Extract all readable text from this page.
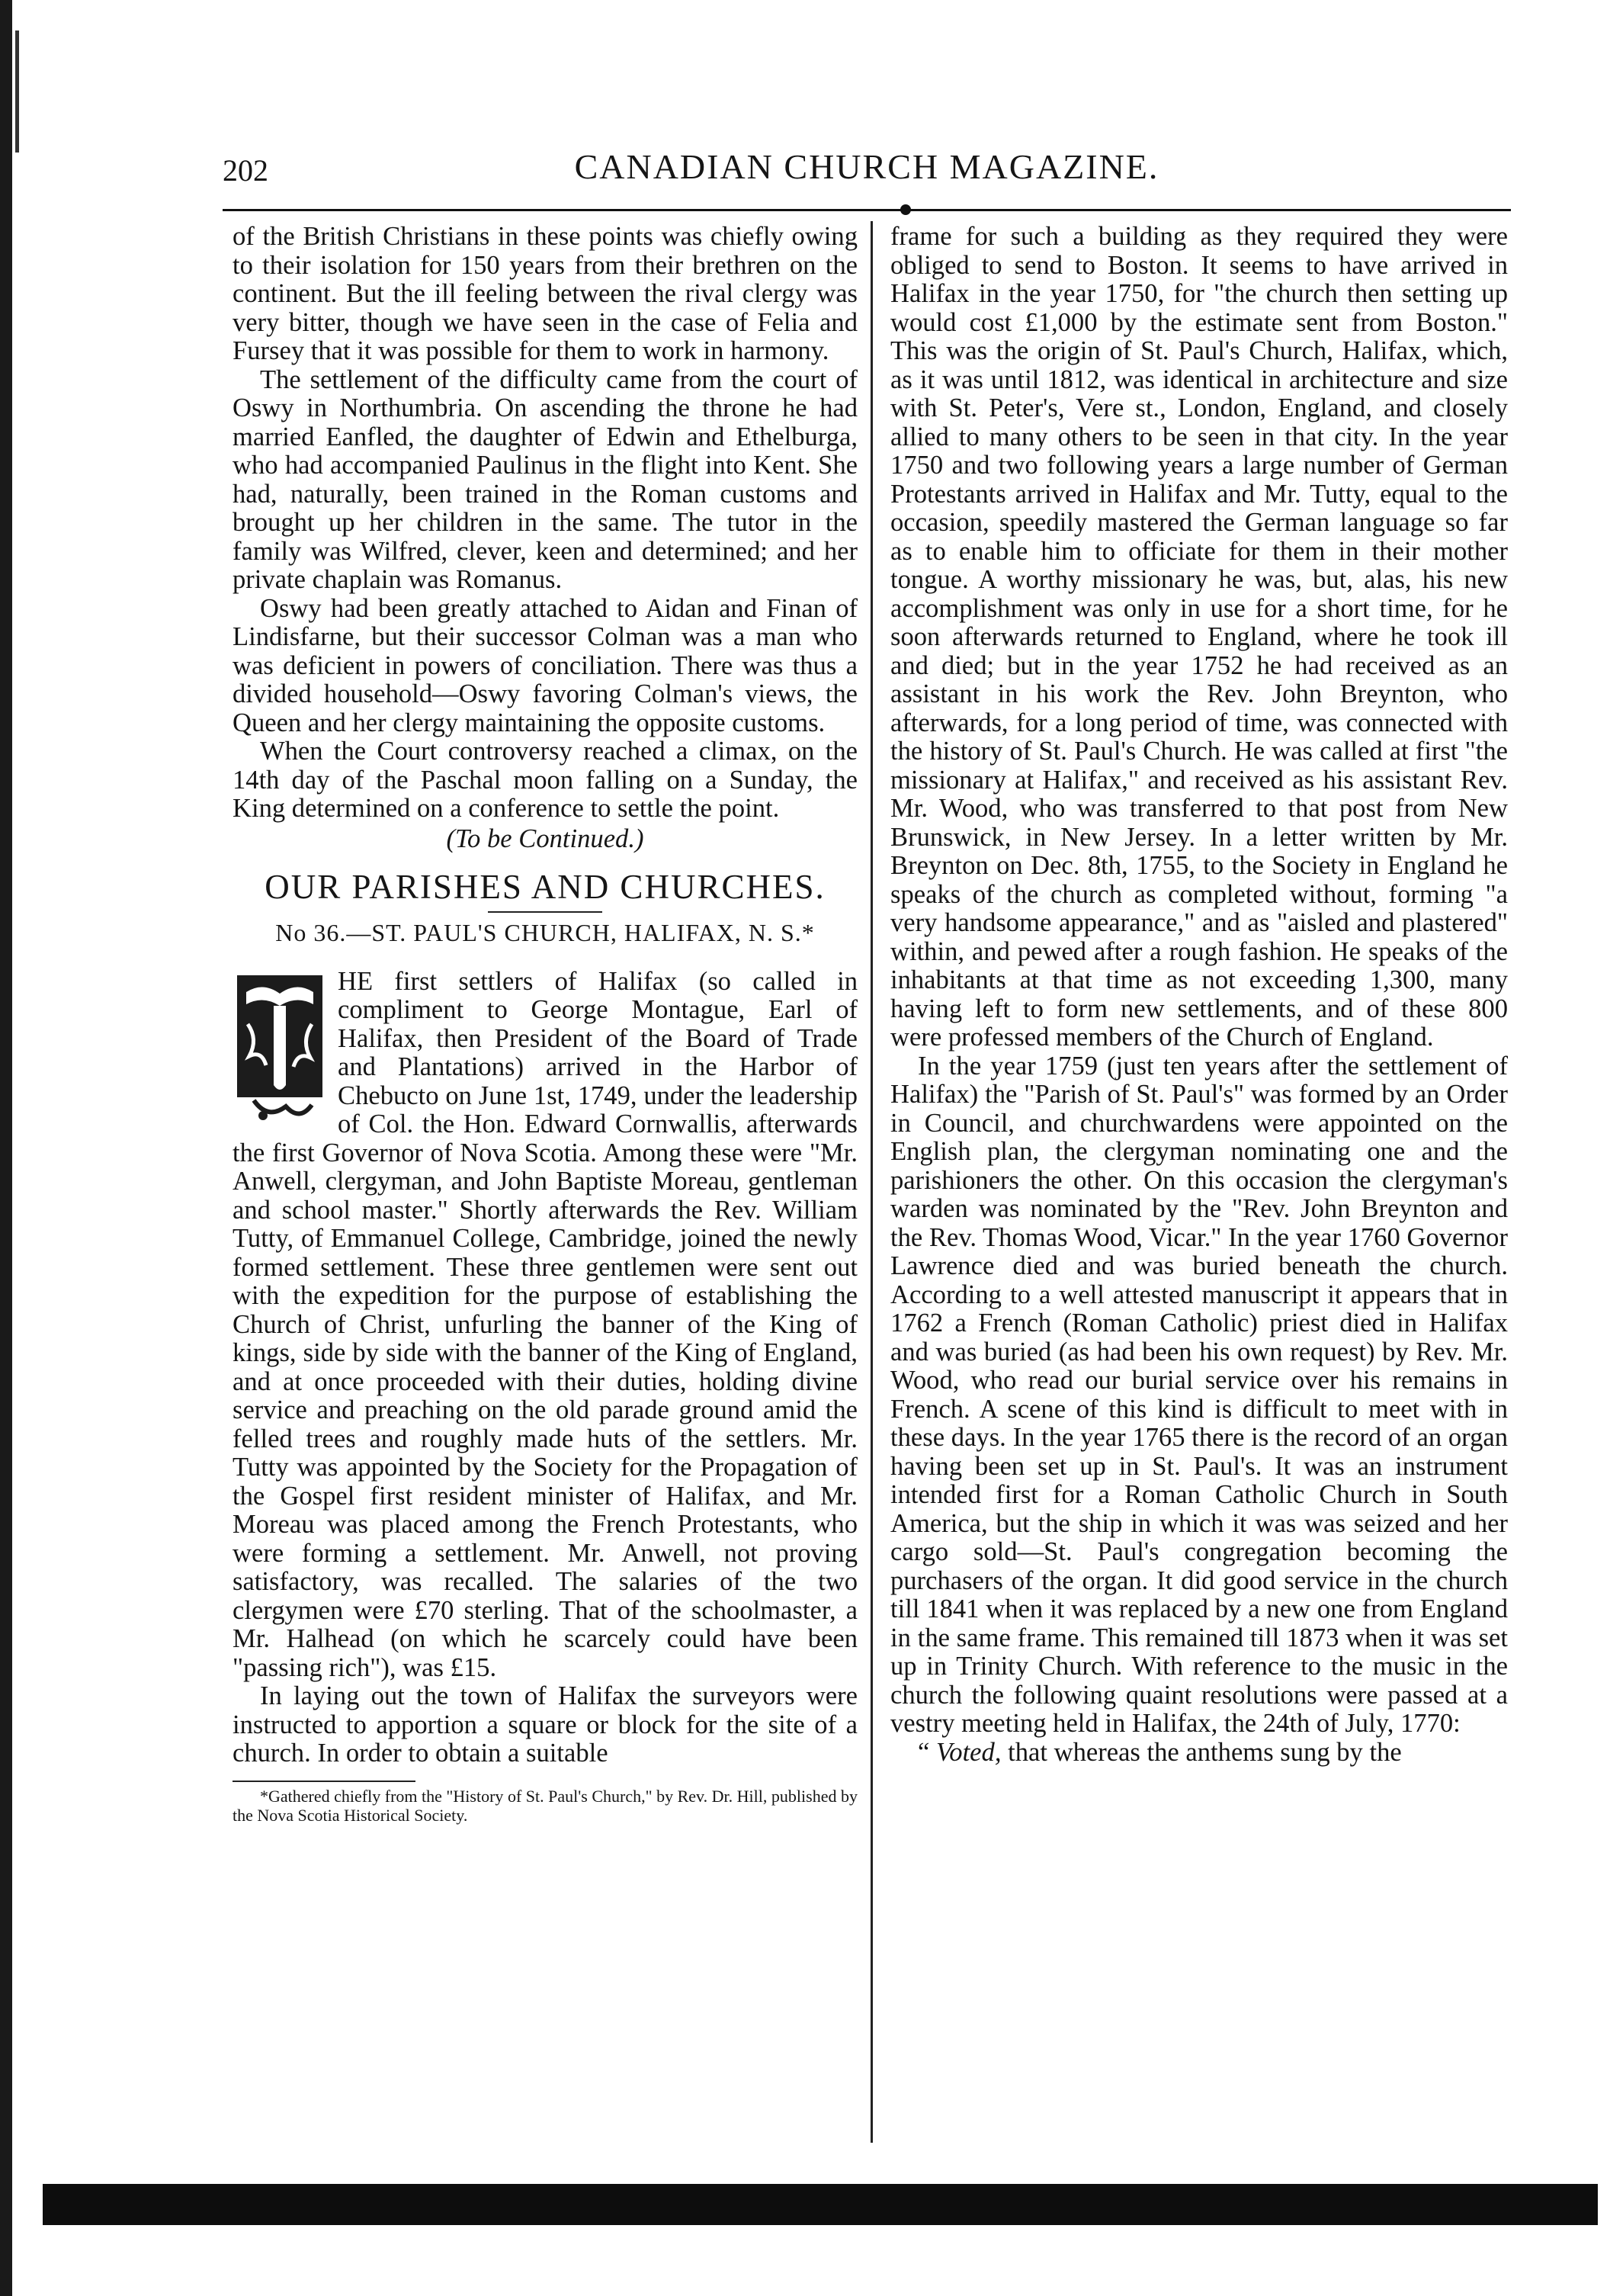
202	CANADIAN CHURCH MAGAZINE.

of the British Christians in these points was chiefly owing to their isolation for 150 years from their brethren on the continent. But the ill feeling between the rival clergy was very bitter, though we have seen in the case of Felia and Fursey that it was possible for them to work in harmony.

The settlement of the difficulty came from the court of Oswy in Northumbria. On ascending the throne he had married Eanfled, the daughter of Edwin and Ethelburga, who had accompanied Paulinus in the flight into Kent. She had, naturally, been trained in the Roman customs and brought up her children in the same. The tutor in the family was Wilfred, clever, keen and determined; and her private chaplain was Romanus.

Oswy had been greatly attached to Aidan and Finan of Lindisfarne, but their successor Colman was a man who was deficient in powers of conciliation. There was thus a divided household—Oswy favoring Colman's views, the Queen and her clergy maintaining the opposite customs.

When the Court controversy reached a climax, on the 14th day of the Paschal moon falling on a Sunday, the King determined on a conference to settle the point.

(To be Continued.)
OUR PARISHES AND CHURCHES.
No 36.—ST. PAUL'S CHURCH, HALIFAX, N. S.*

HE first settlers of Halifax (so called in compliment to George Montague, Earl of Halifax, then President of the Board of Trade and Plantations) arrived in the Harbor of Chebucto on June 1st, 1749, under the leadership of Col. the Hon. Edward Cornwallis, afterwards the first Governor of Nova Scotia. Among these were "Mr. Anwell, clergyman, and John Baptiste Moreau, gentleman and school master." Shortly afterwards the Rev. William Tutty, of Emmanuel College, Cambridge, joined the newly formed settlement. These three gentlemen were sent out with the expedition for the purpose of establishing the Church of Christ, unfurling the banner of the King of kings, side by side with the banner of the King of England, and at once proceeded with their duties, holding divine service and preaching on the old parade ground amid the felled trees and roughly made huts of the settlers. Mr. Tutty was appointed by the Society for the Propagation of the Gospel first resident minister of Halifax, and Mr. Moreau was placed among the French Protestants, who were forming a settlement. Mr. Anwell, not proving satisfactory, was recalled. The salaries of the two clergymen were £70 sterling. That of the schoolmaster, a Mr. Halhead (on which he scarcely could have been "passing rich"), was £15.

In laying out the town of Halifax the surveyors were instructed to apportion a square or block for the site of a church. In order to obtain a suitable

*Gathered chiefly from the "History of St. Paul's Church," by Rev. Dr. Hill, published by the Nova Scotia Historical Society.

frame for such a building as they required they were obliged to send to Boston. It seems to have arrived in Halifax in the year 1750, for "the church then setting up would cost £1,000 by the estimate sent from Boston." This was the origin of St. Paul's Church, Halifax, which, as it was until 1812, was identical in architecture and size with St. Peter's, Vere st., London, England, and closely allied to many others to be seen in that city. In the year 1750 and two following years a large number of German Protestants arrived in Halifax and Mr. Tutty, equal to the occasion, speedily mastered the German language so far as to enable him to officiate for them in their mother tongue. A worthy missionary he was, but, alas, his new accomplishment was only in use for a short time, for he soon afterwards returned to England, where he took ill and died; but in the year 1752 he had received as an assistant in his work the Rev. John Breynton, who afterwards, for a long period of time, was connected with the history of St. Paul's Church. He was called at first "the missionary at Halifax," and received as his assistant Rev. Mr. Wood, who was transferred to that post from New Brunswick, in New Jersey. In a letter written by Mr. Breynton on Dec. 8th, 1755, to the Society in England he speaks of the church as completed without, forming "a very handsome appearance," and as "aisled and plastered" within, and pewed after a rough fashion. He speaks of the inhabitants at that time as not exceeding 1,300, many having left to form new settlements, and of these 800 were professed members of the Church of England.

In the year 1759 (just ten years after the settlement of Halifax) the "Parish of St. Paul's" was formed by an Order in Council, and churchwardens were appointed on the English plan, the clergyman nominating one and the parishioners the other. On this occasion the clergyman's warden was nominated by the "Rev. John Breynton and the Rev. Thomas Wood, Vicar." In the year 1760 Governor Lawrence died and was buried beneath the church. According to a well attested manuscript it appears that in 1762 a French (Roman Catholic) priest died in Halifax and was buried (as had been his own request) by Rev. Mr. Wood, who read our burial service over his remains in French. A scene of this kind is difficult to meet with in these days. In the year 1765 there is the record of an organ having been set up in St. Paul's. It was an instrument intended first for a Roman Catholic Church in South America, but the ship in which it was was seized and her cargo sold—St. Paul's congregation becoming the purchasers of the organ. It did good service in the church till 1841 when it was replaced by a new one from England in the same frame. This remained till 1873 when it was set up in Trinity Church. With reference to the music in the church the following quaint resolutions were passed at a vestry meeting held in Halifax, the 24th of July, 1770:

“ Voted, that whereas the anthems sung by the
